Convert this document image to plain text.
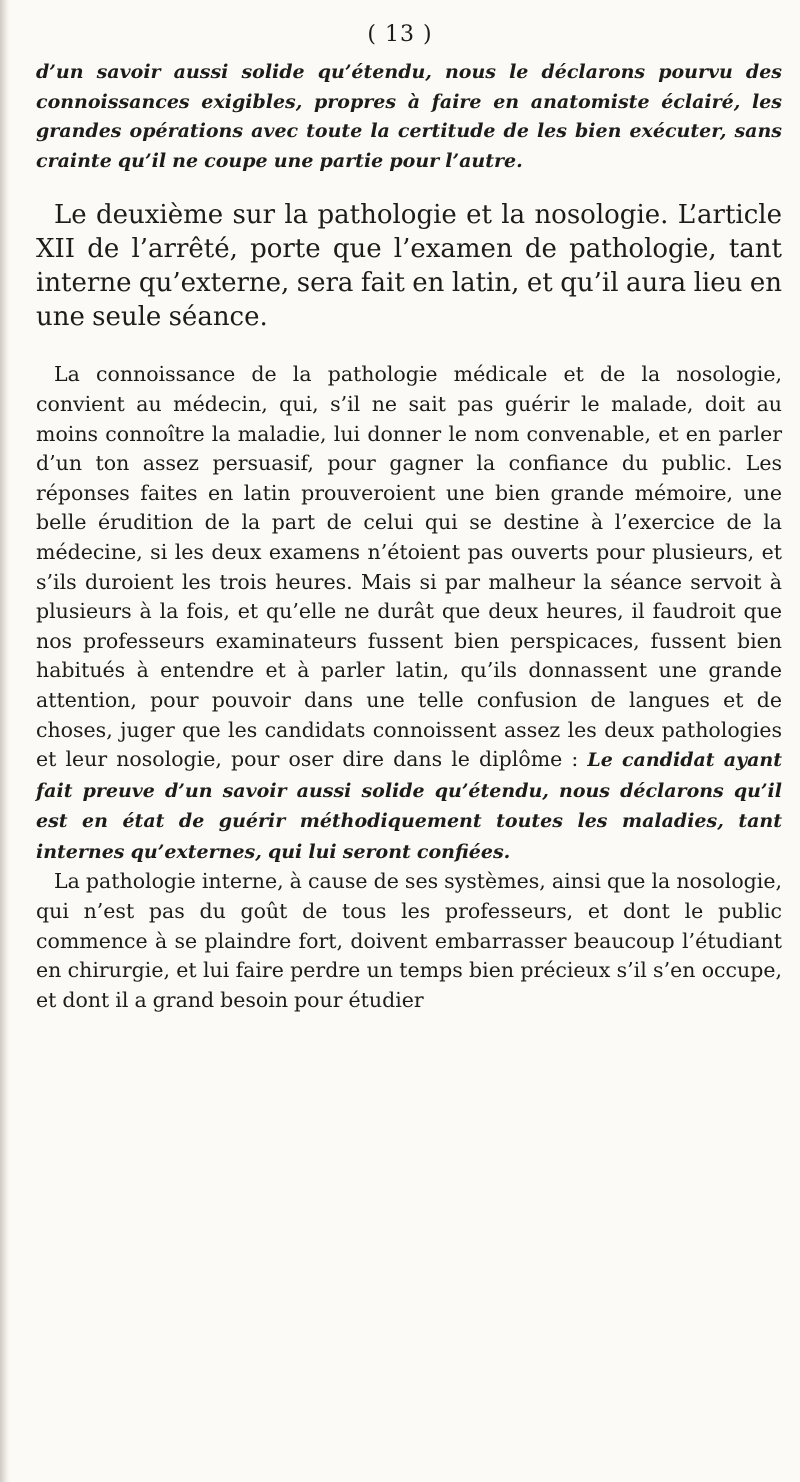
( 13 )

d’un savoir aussi solide qu’étendu, nous le déclarons pourvu des connoissances exigibles, propres à faire en anatomiste éclairé, les grandes opérations avec toute la certitude de les bien exécuter, sans crainte qu’il ne coupe une partie pour l’autre.

Le deuxième sur la pathologie et la nosologie. L’article XII de l’arrêté, porte que l’examen de pathologie, tant interne qu’externe, sera fait en latin, et qu’il aura lieu en une seule séance.

La connoissance de la pathologie médicale et de la nosologie, convient au médecin, qui, s’il ne sait pas guérir le malade, doit au moins connoître la maladie, lui donner le nom convenable, et en parler d’un ton assez persuasif, pour gagner la confiance du public. Les réponses faites en latin prouveroient une bien grande mémoire, une belle érudition de la part de celui qui se destine à l’exercice de la médecine, si les deux examens n’étoient pas ouverts pour plusieurs, et s’ils duroient les trois heures. Mais si par malheur la séance servoit à plusieurs à la fois, et qu’elle ne durât que deux heures, il faudroit que nos professeurs examinateurs fussent bien perspicaces, fussent bien habitués à entendre et à parler latin, qu’ils donnassent une grande attention, pour pouvoir dans une telle confusion de langues et de choses, juger que les candidats connoissent assez les deux pathologies et leur nosologie, pour oser dire dans le diplôme : Le candidat ayant fait preuve d’un savoir aussi solide qu’étendu, nous déclarons qu’il est en état de guérir méthodiquement toutes les maladies, tant internes qu’externes, qui lui seront confiées.

La pathologie interne, à cause de ses systèmes, ainsi que la nosologie, qui n’est pas du goût de tous les professeurs, et dont le public commence à se plaindre fort, doivent embarrasser beaucoup l’étudiant en chirurgie, et lui faire perdre un temps bien précieux s’il s’en occupe, et dont il a grand besoin pour étudier
